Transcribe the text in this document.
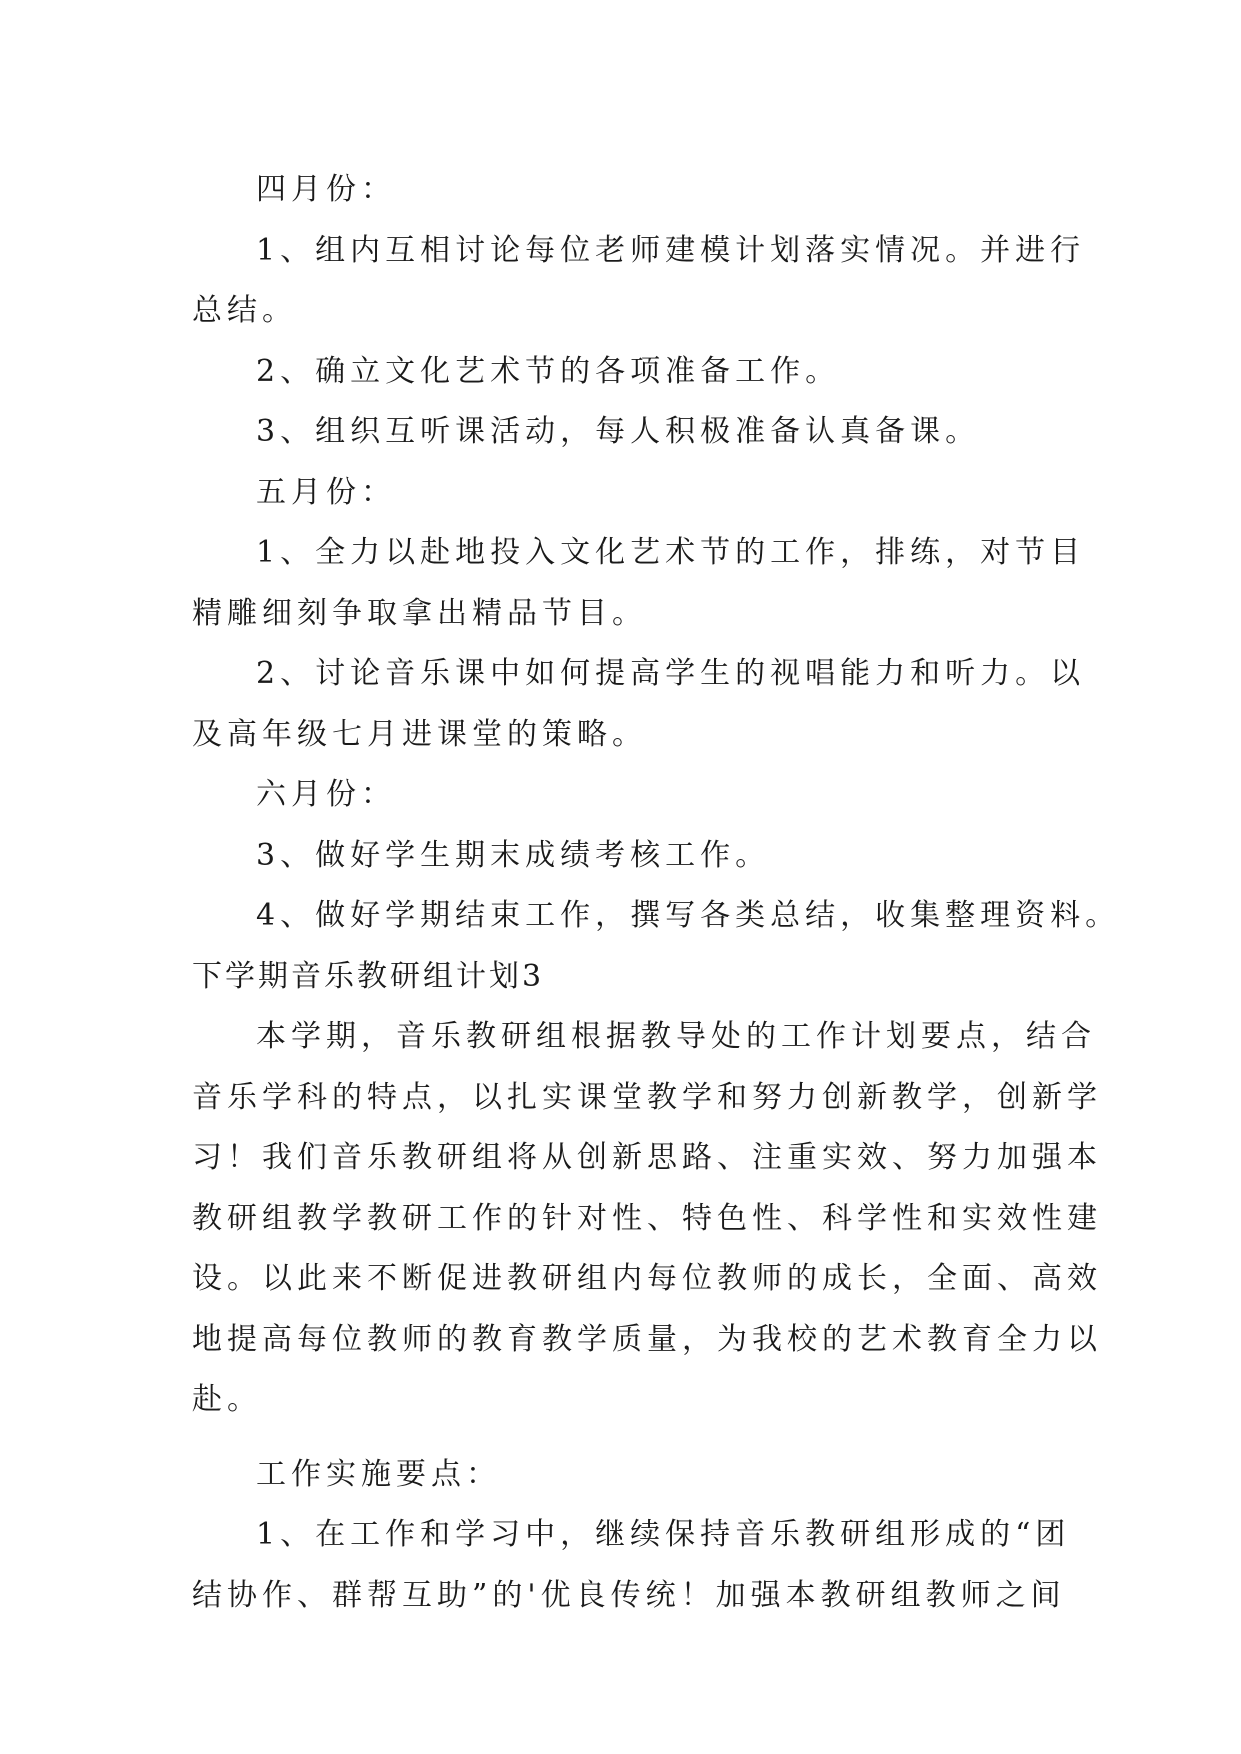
四月份：
1、组内互相讨论每位老师建模计划落实情况。并进行
总结。
2、确立文化艺术节的各项准备工作。
3、组织互听课活动，每人积极准备认真备课。
五月份：
1、全力以赴地投入文化艺术节的工作，排练，对节目
精雕细刻争取拿出精品节目。
2、讨论音乐课中如何提高学生的视唱能力和听力。以
及高年级七月进课堂的策略。
六月份：
3、做好学生期末成绩考核工作。
4、做好学期结束工作，撰写各类总结，收集整理资料。
下学期音乐教研组计划3
本学期，音乐教研组根据教导处的工作计划要点，结合
音乐学科的特点，以扎实课堂教学和努力创新教学，创新学
习！我们音乐教研组将从创新思路、注重实效、努力加强本
教研组教学教研工作的针对性、特色性、科学性和实效性建
设。以此来不断促进教研组内每位教师的成长，全面、高效
地提高每位教师的教育教学质量，为我校的艺术教育全力以
赴。
工作实施要点：
1、在工作和学习中，继续保持音乐教研组形成的“团
结协作、群帮互助”的'优良传统！加强本教研组教师之间
